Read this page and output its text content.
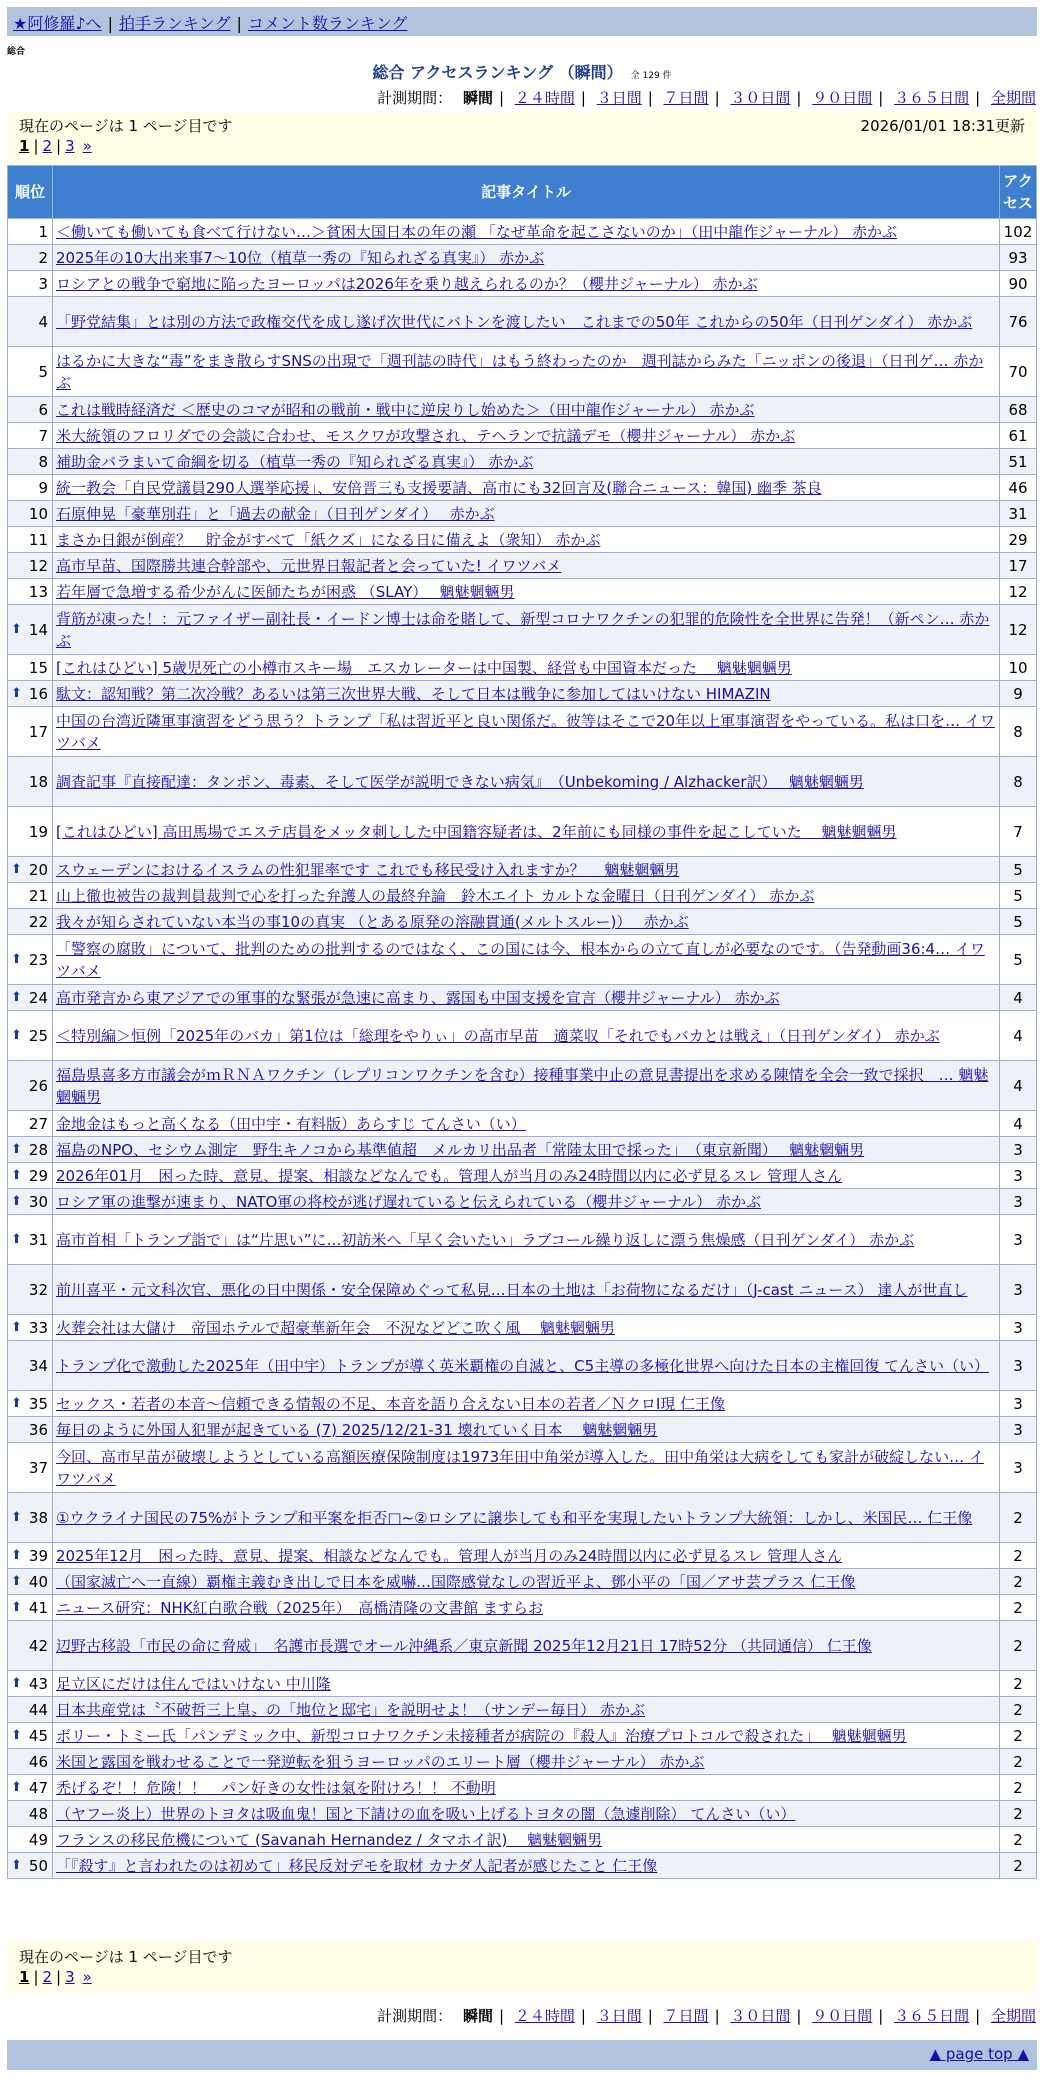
★阿修羅♪へ | 拍手ランキング | コメント数ランキング
総合
総合 アクセスランキング （瞬間） 全 129 件
計測期間： 瞬間 | ２４時間 | ３日間 | ７日間 | ３０日間 | ９０日間 | ３６５日間 | 全期間
現在のページは 1 ページ目です	2026/01/01 18:31更新
1 | 2 | 3 »
順位	記事タイトル	アクセス
1	＜働いても働いても食べて行けない…＞貧困大国日本の年の瀬 「なぜ革命を起こさないのか」（田中龍作ジャーナル） 赤かぶ	102
2	2025年の10大出来事7～10位（植草一秀の『知られざる真実』） 赤かぶ	93
3	ロシアとの戦争で窮地に陥ったヨーロッパは2026年を乗り越えられるのか？（櫻井ジャーナル） 赤かぶ	90
4	「野党結集」とは別の方法で政権交代を成し遂げ次世代にバトンを渡したい　これまでの50年 これからの50年（日刊ゲンダイ） 赤かぶ	76
5	はるかに大きな“毒”をまき散らすSNSの出現で「週刊誌の時代」はもう終わったのか　週刊誌からみた「ニッポンの後退」（日刊ゲ… 赤かぶ	70
6	これは戦時経済だ ＜歴史のコマが昭和の戦前・戦中に逆戻りし始めた＞（田中龍作ジャーナル） 赤かぶ	68
7	米大統領のフロリダでの会談に合わせ、モスクワが攻撃され、テヘランで抗議デモ（櫻井ジャーナル） 赤かぶ	61
8	補助金バラまいて命綱を切る（植草一秀の『知られざる真実』） 赤かぶ	51
9	統一教会「自民党議員290人選挙応援」、安倍晋三も支援要請、高市にも32回言及(聯合ニュース：韓国) 幽季 茶良	46
10	石原伸晃「豪華別荘」と「過去の献金」（日刊ゲンダイ）　 赤かぶ	31
11	まさか日銀が倒産？　貯金がすべて「紙クズ」になる日に備えよ（衆知） 赤かぶ	29
12	高市早苗、国際勝共連合幹部や、元世界日報記者と会っていた! イワツバメ	17
13	若年層で急増する希少がんに医師たちが困惑 （SLAY）　 魑魅魍魎男	12

⬆ 14	背筋が凍った！：元ファイザー副社長・イードン博士は命を賭して、新型コロナワクチンの犯罪的危険性を全世界に告発！（新ペン… 赤かぶ	12
15	[これはひどい] 5歳児死亡の小樽市スキー場　エスカレーターは中国製、経営も中国資本だった　 魑魅魍魎男	10

⬆ 16	駄文：認知戦？第二次冷戦？あるいは第三次世界大戦、そして日本は戦争に参加してはいけない HIMAZIN	9
17	中国の台湾近隣軍事演習をどう思う？トランプ「私は習近平と良い関係だ。彼等はそこで20年以上軍事演習をやっている。私は口を… イワツバメ	8
18	調査記事『直接配達：タンポン、毒素、そして医学が説明できない病気』　（Unbekoming / Alzhacker訳）　 魑魅魍魎男	8
19	[これはひどい] 高田馬場でエステ店員をメッタ刺しした中国籍容疑者は、2年前にも同様の事件を起こしていた　 魑魅魍魎男	7

⬆ 20	スウェーデンにおけるイスラムの性犯罪率です これでも移民受け入れますか？　 魑魅魍魎男	5
21	山上徹也被告の裁判員裁判で心を打った弁護人の最終弁論　鈴木エイト カルトな金曜日（日刊ゲンダイ） 赤かぶ	5
22	我々が知らされていない本当の事10の真実 （とある原発の溶融貫通(メルトスルー)）　 赤かぶ	5

⬆ 23	「警察の腐敗」について、批判のための批判するのではなく、この国には今、根本からの立て直しが必要なのです。（告発動画36:4… イワツバメ	5

⬆ 24	高市発言から東アジアでの軍事的な緊張が急速に高まり、露国も中国支援を宣言（櫻井ジャーナル） 赤かぶ	4

⬆ 25	＜特別編＞恒例「2025年のバカ」第1位は「総理をやりぃ」の高市早苗　適菜収「それでもバカとは戦え」（日刊ゲンダイ） 赤かぶ	4
26	福島県喜多方市議会がｍＲＮＡワクチン（レプリコンワクチンを含む）接種事業中止の意見書提出を求める陳情を全会一致で採択　… 魑魅魍魎男	4
27	金地金はもっと高くなる（田中宇・有料版）あらすじ てんさい（い）	4

⬆ 28	福島のNPO、セシウム測定　野生キノコから基準値超　メルカリ出品者「常陸太田で採った」　（東京新聞）　 魑魅魍魎男	3

⬆ 29	2026年01月　困った時、意見、提案、相談などなんでも。管理人が当月のみ24時間以内に必ず見るスレ 管理人さん	3

⬆ 30	ロシア軍の進撃が速まり、NATO軍の将校が逃げ遅れていると伝えられている（櫻井ジャーナル） 赤かぶ	3

⬆ 31	高市首相「トランプ詣で」は“片思い”に…初訪米へ「早く会いたい」ラブコール繰り返しに漂う焦燥感（日刊ゲンダイ） 赤かぶ	3
32	前川喜平・元文科次官、悪化の日中関係・安全保障めぐって私見…日本の土地は「お荷物になるだけ」（J-cast ニュース） 達人が世直し	3

⬆ 33	火葬会社は大儲け　帝国ホテルで超豪華新年会　不況などどこ吹く風　 魑魅魍魎男	3
34	トランプ化で激動した2025年（田中宇）トランプが導く英米覇権の自滅と、C5主導の多極化世界へ向けた日本の主権回復 てんさい（い）	3

⬆ 35	セックス・若者の本音～信頼できる情報の不足、本音を語り合えない日本の若者／ＮクロI現 仁王像	3
36	毎日のように外国人犯罪が起きている (7) 2025/12/21-31 壊れていく日本　 魑魅魍魎男	3
37	今回、高市早苗が破壊しようとしている高額医療保険制度は1973年田中角栄が導入した。田中角栄は大病をしても家計が破綻しない… イワツバメ	3

⬆ 38	①ウクライナ国民の75%がトランプ和平案を拒否□~②ロシアに譲歩しても和平を実現したいトランプ大統領：しかし、米国民… 仁王像	2

⬆ 39	2025年12月　困った時、意見、提案、相談などなんでも。管理人が当月のみ24時間以内に必ず見るスレ 管理人さん	2

⬆ 40	（国家滅亡へ一直線）覇権主義むき出しで日本を威嚇…国際感覚なしの習近平よ、鄧小平の「国／アサ芸プラス 仁王像	2

⬆ 41	ニュース研究：NHK紅白歌合戦（2025年）　高橋清隆の文書館 ますらお	2
42	辺野古移設「市民の命に脅威」　名護市長選でオール沖縄系／東京新聞 2025年12月21日 17時52分 （共同通信） 仁王像	2

⬆ 43	足立区にだけは住んではいけない 中川隆	2
44	日本共産党は〝不破哲三上皇〟の「地位と邸宅」を説明せよ！（サンデー毎日） 赤かぶ	2

⬆ 45	ボリー・トミー氏「パンデミック中、新型コロナワクチン未接種者が病院の『殺人』治療プロトコルで殺された」　 魑魅魍魎男	2
46	米国と露国を戦わせることで一発逆転を狙うヨーロッパのエリート層（櫻井ジャーナル） 赤かぶ	2

⬆ 47	禿げるぞ！！危険！！　パン好きの女性は氣を附けろ！！ 不動明	2
48	（ヤフー炎上）世界のトヨタは吸血鬼！国と下請けの血を吸い上げるトヨタの闇（急遽削除） てんさい（い）	2
49	フランスの移民危機について (Savanah Hernandez / タマホイ訳)　 魑魅魍魎男	2

⬆ 50	「『殺す』と言われたのは初めて」移民反対デモを取材 カナダ人記者が感じたこと 仁王像	2
現在のページは 1 ページ目です
1 | 2 | 3 »
計測期間： 瞬間 | ２４時間 | ３日間 | ７日間 | ３０日間 | ９０日間 | ３６５日間 | 全期間
▲ page top ▲
